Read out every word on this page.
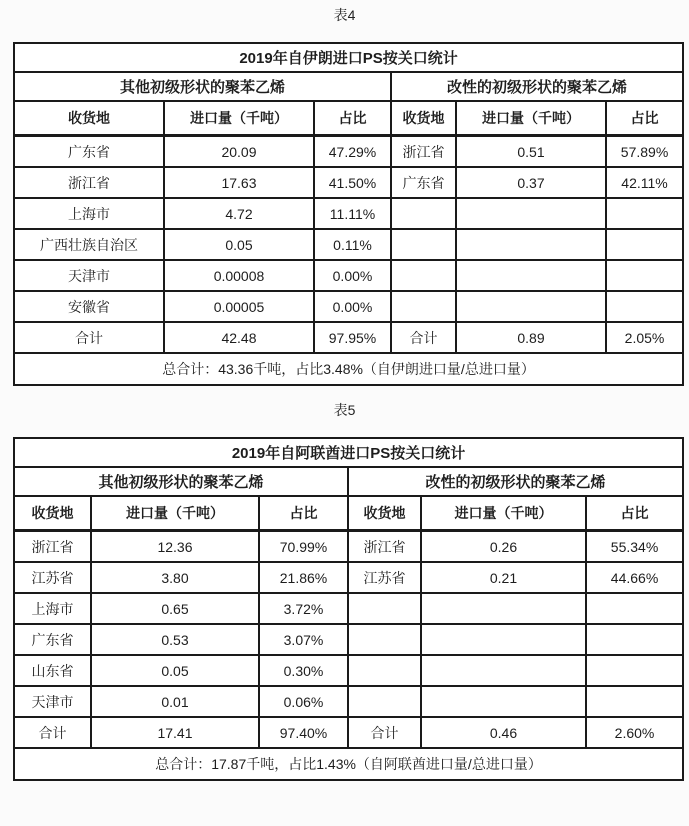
表4
2019年自伊朗进口PS按关口统计					
其他初级形状的聚苯乙烯			改性的初级形状的聚苯乙烯		
收货地	进口量（千吨）	占比	收货地	进口量（千吨）	占比
广东省	20.09	47.29%	浙江省	0.51	57.89%
浙江省	17.63	41.50%	广东省	0.37	42.11%
上海市	4.72	11.11%			
广西壮族自治区	0.05	0.11%			
天津市	0.00008	0.00%			
安徽省	0.00005	0.00%			
合计	42.48	97.95%	合计	0.89	2.05%
总合计：43.36千吨，占比3.48%（自伊朗进口量/总进口量）					
表5
2019年自阿联酋进口PS按关口统计					
其他初级形状的聚苯乙烯			改性的初级形状的聚苯乙烯		
收货地	进口量（千吨）	占比	收货地	进口量（千吨）	占比
浙江省	12.36	70.99%	浙江省	0.26	55.34%
江苏省	3.80	21.86%	江苏省	0.21	44.66%
上海市	0.65	3.72%			
广东省	0.53	3.07%			
山东省	0.05	0.30%			
天津市	0.01	0.06%			
合计	17.41	97.40%	合计	0.46	2.60%
总合计：17.87千吨，占比1.43%（自阿联酋进口量/总进口量）					
